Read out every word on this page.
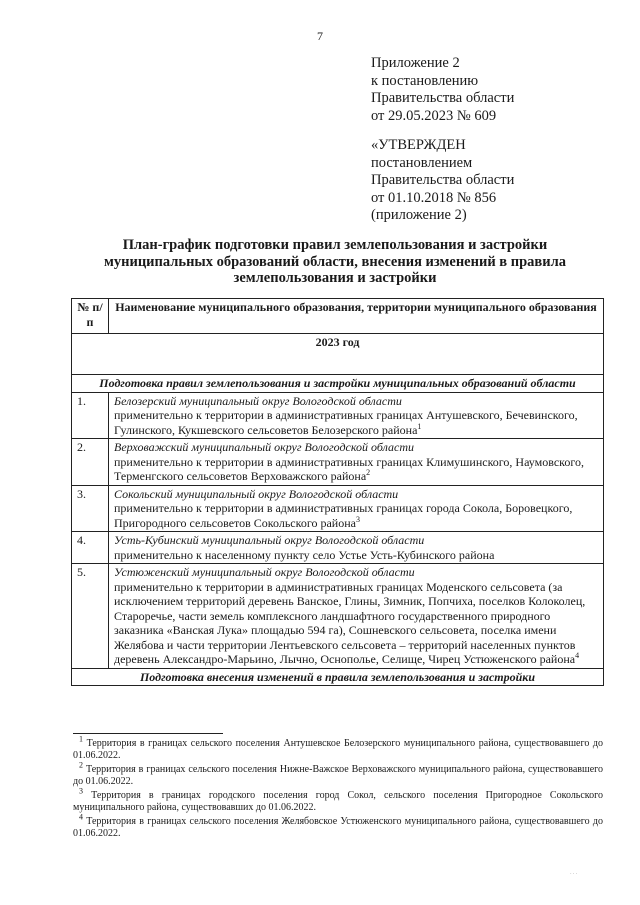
7
Приложение 2
к постановлению
Правительства области
от 29.05.2023 № 609
«УТВЕРЖДЕН
постановлением
Правительства области
от 01.10.2018 № 856
(приложение 2)
План-график подготовки правил землепользования и застройки муниципальных образований области, внесения изменений в правила землепользования и застройки
№ п/п	Наименование муниципального образования, территории муниципального образования
2023 год	
Подготовка правил землепользования и застройки муниципальных образований области	
1.	Белозерский муниципальный округ Вологодской области
применительно к территории в административных границах Антушевского, Бечевинского, Гулинского, Кукшевского сельсоветов Белозерского района$^1$
2.	Верховажский муниципальный округ Вологодской области
применительно к территории в административных границах Климушинского, Наумовского, Терменгского сельсоветов Верховажского района$^2$
3.	Сокольский муниципальный округ Вологодской области
применительно к территории в административных границах города Сокола, Боровецкого, Пригородного сельсоветов Сокольского района$^3$
4.	Усть-Кубинский муниципальный округ Вологодской области
применительно к населенному пункту село Устье Усть-Кубинского района
5.	Устюженский муниципальный округ Вологодской области
применительно к территории в административных границах Моденского сельсовета (за исключением территорий деревень Ванское, Глины, Зимник, Попчиха, поселков Колоколец, Староречье, части земель комплексного ландшафтного государственного природного заказника «Ванская Лука» площадью 594 га), Сошневского сельсовета, поселка имени Желябова и части территории Лентьевского сельсовета – территорий населенных пунктов деревень Александро-Марьино, Лычно, Оснополье, Селище, Чирец Устюженского района$^4$
Подготовка внесения изменений в правила землепользования и застройки	

$^1$ Территория в границах сельского поселения Антушевское Белозерского муниципального района, существовавшего до 01.06.2022.

$^2$ Территория в границах сельского поселения Нижне-Важское Верховажского муниципального района, существовавшего до 01.06.2022.

$^3$ Территория в границах городского поселения город Сокол, сельского поселения Пригородное Сокольского муниципального района, существовавших до 01.06.2022.

$^4$ Территория в границах сельского поселения Желябовское Устюженского муниципального района, существовавшего до 01.06.2022.

· · ·
